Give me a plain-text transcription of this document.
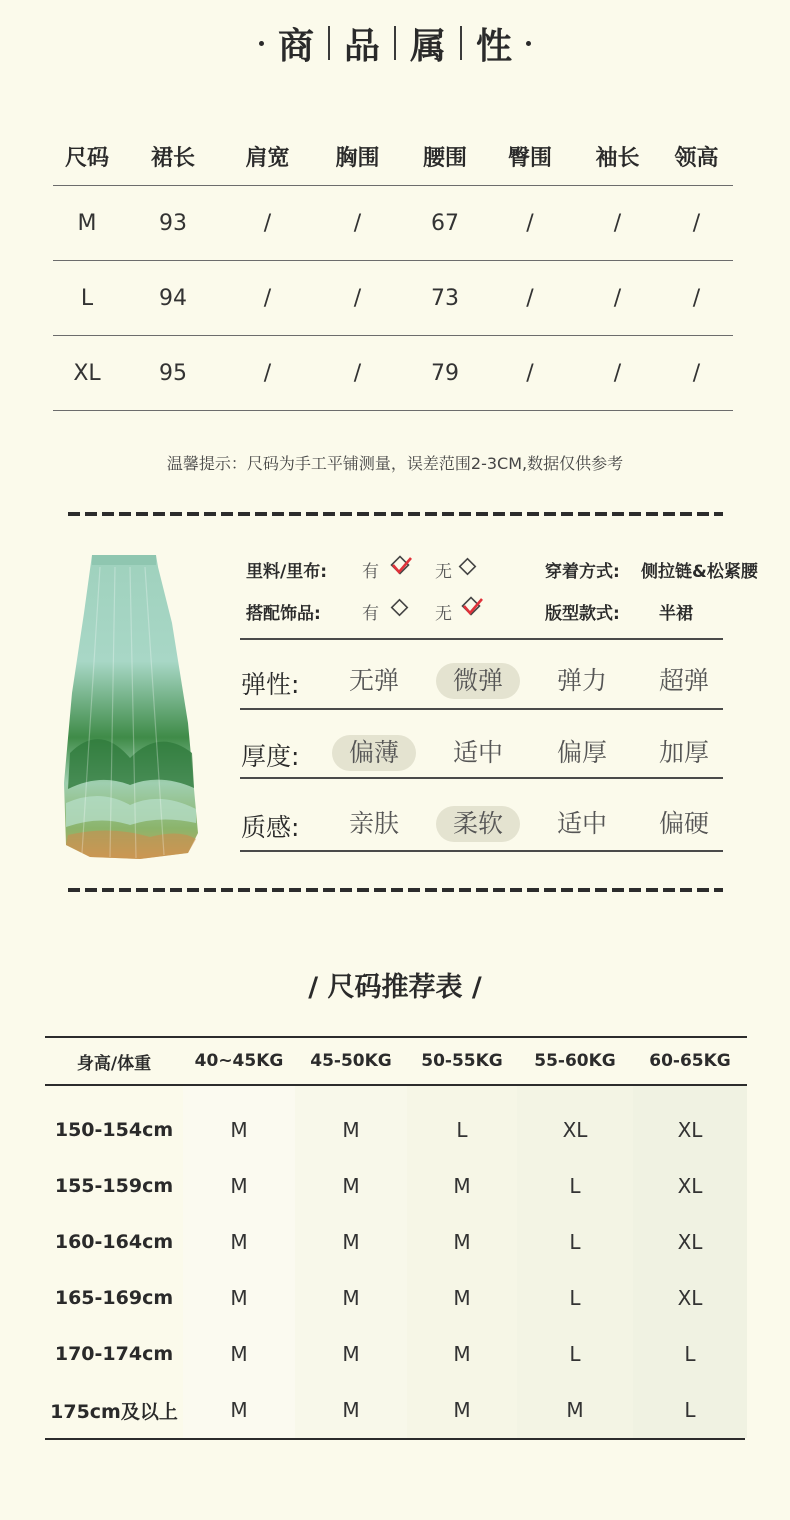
商 品 属 性
尺码	裙长	肩宽	胸围	腰围	臀围	袖长	领高
M	93	/	/	67	/	/	/
L	94	/	/	73	/	/	/
XL	95	/	/	79	/	/	/
温馨提示：尺码为手工平铺测量，误差范围2-3CM,数据仅供参考
里料/里布: 有	无
搭配饰品: 有	无
穿着方式: 侧拉链&松紧腰
版型款式: 半裙
弹性:	无弹	微弹	弹力	超弹
厚度:	偏薄	适中	偏厚	加厚
质感:	亲肤	柔软	适中	偏硬
/ 尺码推荐表 /
身高/体重	40~45KG	45-50KG	50-55KG	55-60KG	60-65KG
150-154cm	M	M	L	XL	XL
155-159cm	M	M	M	L	XL
160-164cm	M	M	M	L	XL
165-169cm	M	M	M	L	XL
170-174cm	M	M	M	L	L
175cm及以上	M	M	M	M	L
